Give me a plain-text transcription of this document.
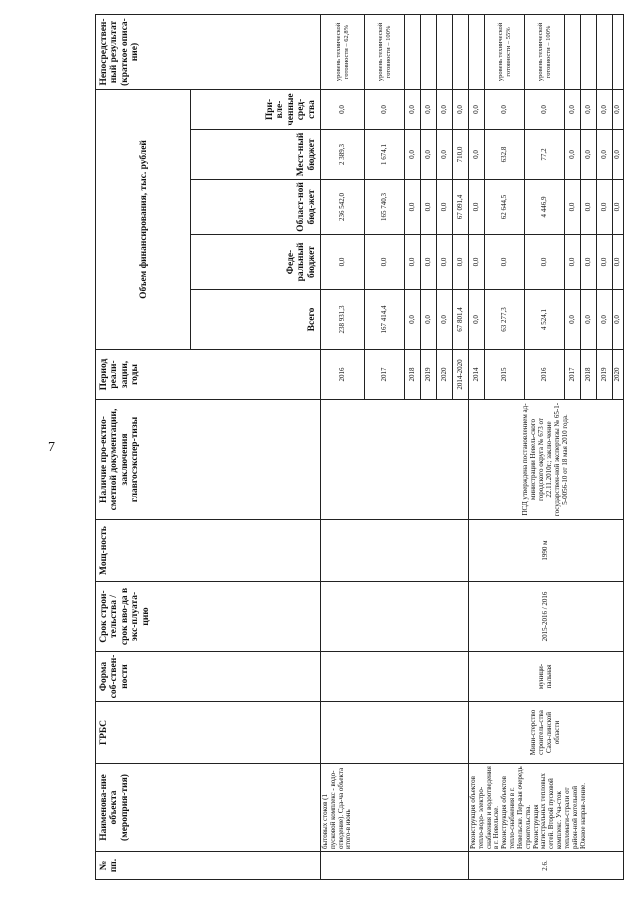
7
№ пп.	Наименова-ние объекта (мероприя-тия)	ГРБС	Форма соб-ствен-ности	Срок строи-тельства / срок вво-да в экс-плуата-цию	Мощ-ность	Наличие про-ектно-сметной документации, заключения главгосэкспер-тизы	Период реали-зации, годы	Объем финансирования, тыс. рублей					Непосредствен-ный результат (краткое описа-ние)
								Всего	Феде-ральный бюджет	Област-ной бюд-жет	Мест-ный бюджет	При-вле-ченные сред-ства	
	бытовых стоков (1 пусковой комплекс - водо-отведение). Сда-ча объекта итого-в июнь						2016	238 931,3	0,0	236 542,0	2 389,3	0,0	уровень технической готовности – 62,8%
							2017	167 414,4	0,0	165 740,3	1 674,1	0,0	уровень технической готовности – 100%
							2018	0,0	0,0	0,0	0,0	0,0	
							2019	0,0	0,0	0,0	0,0	0,0	
							2020	0,0	0,0	0,0	0,0	0,0	
							2014-2020	67 801,4	0,0	67 091,4	710,0	0,0	
2.6.	Реконструкция объектов тепло-водо- электро-снабжения и водоотведения в г. Невельске. Реконструкция объектов тепло-снабжения в г. Невельске. Пер-вая очередь строительства. Реконструкция магистральных тепловых сетей. Второй пусковой комплекс. Уча-сток тепломаги-страли от район-ной котельной Южное направ-ление.	Мини-стерство строитель-ства Саха-линской области	муници-пальная	2015-2016 / 2016	1990 м	ПСД утверждена постановлением ад-министрации Невель-ского городского округа № 673 от 22.11.2010г.; заклю-чение государствен-ной экспертизы № 65-1-5-0056-10 от 18 мая 2010 года.	2014	0,0	0,0	0,0	0,0	0,0	
							2015	63 277,3	0,0	62 644,5	632,8	0,0	уровень технической готовности – 55%
							2016	4 524,1	0,0	4 446,9	77,2	0,0	уровень технической готовности – 100%
							2017	0,0	0,0	0,0	0,0	0,0	
							2018	0,0	0,0	0,0	0,0	0,0	
							2019	0,0	0,0	0,0	0,0	0,0	
							2020	0,0	0,0	0,0	0,0	0,0	
